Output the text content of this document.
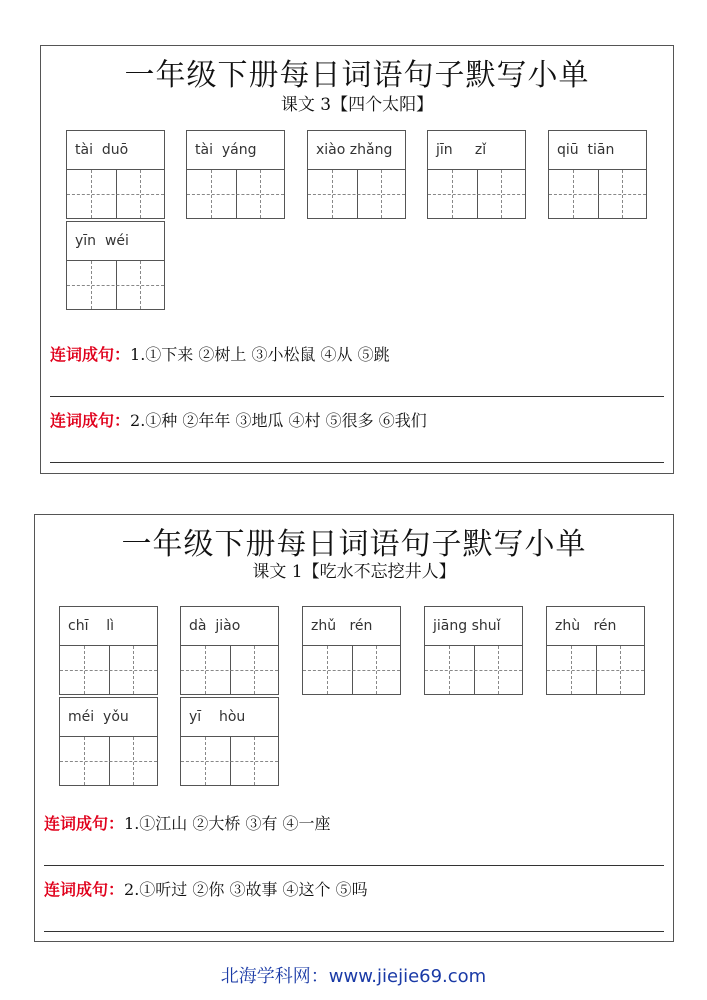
一年级下册每日词语句子默写小单
课文 3【四个太阳】
tài  duō	tài  yáng	xiào zhǎng	jīn     zǐ	qiū  tiān
yīn  wéi
连词成句：1.①下来 ②树上 ③小松鼠 ④从 ⑤跳
连词成句：2.①种 ②年年 ③地瓜 ④村 ⑤很多 ⑥我们
一年级下册每日词语句子默写小单
课文 1【吃水不忘挖井人】
chī    lì	dà  jiào	zhǔ   rén	jiāng shuǐ	zhù   rén
méi  yǒu	yī    hòu
连词成句：1.①江山 ②大桥 ③有 ④一座
连词成句：2.①听过 ②你 ③故事 ④这个 ⑤吗
北海学科网：www.jiejie69.com
